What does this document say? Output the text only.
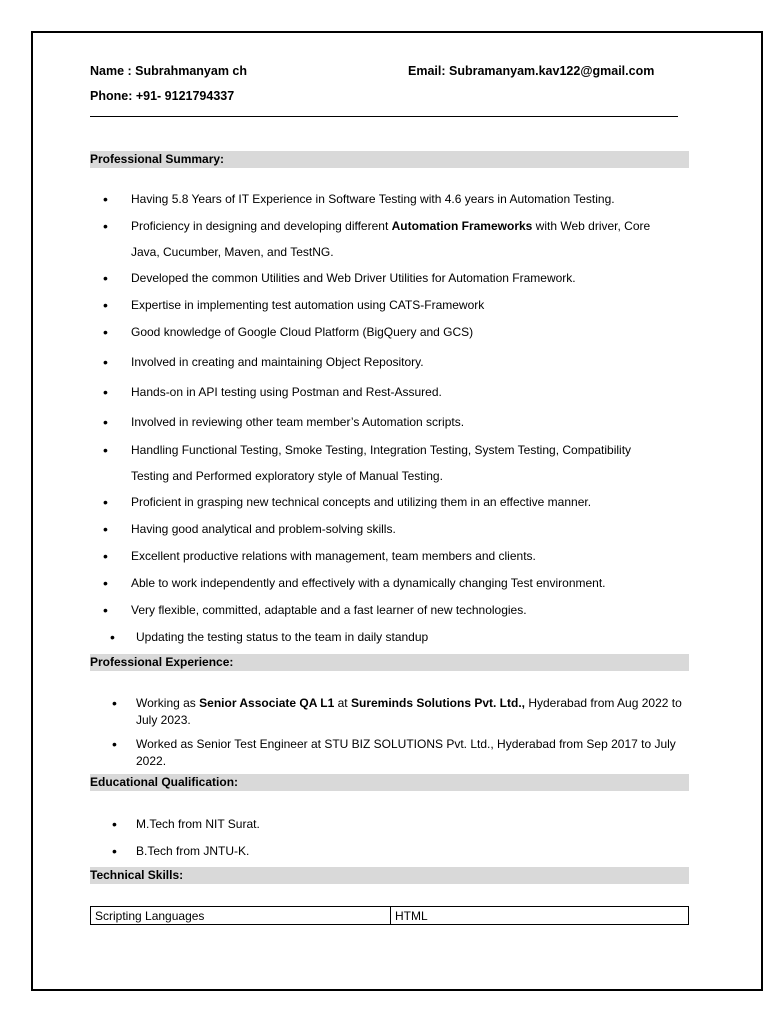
Name : Subrahmanyam ch	Email: Subramanyam.kav122@gmail.com
Phone: +91- 9121794337
Professional Summary:
• Having 5.8 Years of IT Experience in Software Testing with 4.6 years in Automation Testing.
• Proficiency in designing and developing different Automation Frameworks with Web driver, Core
Java, Cucumber, Maven, and TestNG.
• Developed the common Utilities and Web Driver Utilities for Automation Framework.
• Expertise in implementing test automation using CATS-Framework
• Good knowledge of Google Cloud Platform (BigQuery and GCS)
• Involved in creating and maintaining Object Repository.
• Hands-on in API testing using Postman and Rest-Assured.
• Involved in reviewing other team member’s Automation scripts.
• Handling Functional Testing, Smoke Testing, Integration Testing, System Testing, Compatibility
Testing and Performed exploratory style of Manual Testing.
• Proficient in grasping new technical concepts and utilizing them in an effective manner.
• Having good analytical and problem-solving skills.
• Excellent productive relations with management, team members and clients.
• Able to work independently and effectively with a dynamically changing Test environment.
• Very flexible, committed, adaptable and a fast learner of new technologies.
• Updating the testing status to the team in daily standup
Professional Experience:
• Working as Senior Associate QA L1 at Sureminds Solutions Pvt. Ltd., Hyderabad from Aug 2022 to July 2023.
• Worked as Senior Test Engineer at STU BIZ SOLUTIONS Pvt. Ltd., Hyderabad from Sep 2017 to July 2022.
Educational Qualification:
• M.Tech from NIT Surat.
• B.Tech from JNTU-K.
Technical Skills:
Scripting Languages	HTML
